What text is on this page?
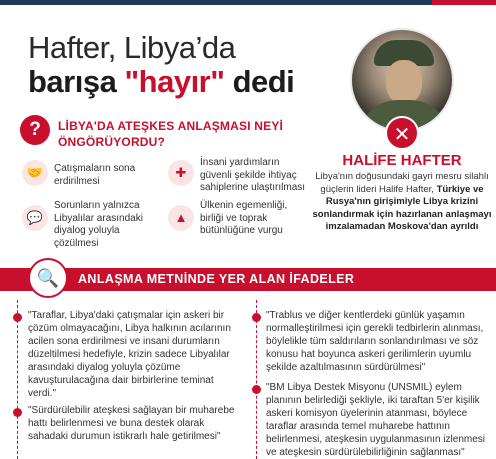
Hafter, Libya’da
barışa "hayır" dedi
?	LİBYA'DA ATEŞKES ANLAŞMASI NEYİ ÖNGÖRÜYORDU?
🤝	Çatışmaların sona erdirilmesi
✚
İnsani yardımların güvenli şekilde ihtiyaç sahiplerine ulaştırılması
💬
Sorunların yalnızca Libyalılar arasındaki diyalog yoluyla çözülmesi
▲
Ülkenin egemenliği, birliği ve toprak bütünlüğüne vurgu
✕
HALİFE HAFTER
Libya'nın doğusundaki gayri mesru silahlı güçlerin lideri Halife Hafter, Türkiye ve Rusya'nın girişimiyle Libya krizini sonlandırmak için hazırlanan anlaşmayı imzalamadan Moskova'dan ayrıldı
🔍	ANLAŞMA METNİNDE YER ALAN İFADELER
"Taraflar, Libya'daki çatışmalar için askeri bir çözüm olmayacağını, Libya halkının acılarının acilen sona erdirilmesi ve insani durumların düzeltilmesi hedefiyle, krizin sadece Libyalılar arasındaki diyalog yoluyla çözüme kavuşturulacağına dair birbirlerine teminat verdi."
"Sürdürülebilir ateşkesi sağlayan bir muharebe hattı belirlenmesi ve buna destek olarak sahadaki durumun istikrarlı hale getirilmesi"
"Trablus ve diğer kentlerdeki günlük yaşamın normalleştirilmesi için gerekli tedbirlerin alınması, böylelikle tüm saldırıların sonlandırılması ve söz konusu hat boyunca askeri gerilimlerin uyumlu şekilde azaltılmasının sürdürülmesi"
"BM Libya Destek Misyonu (UNSMIL) eylem planının belirlediği şekliyle, iki taraftan 5'er kişilik askeri komisyon üyelerinin atanması, böylece taraflar arasında temel muharebe hattının belirlenmesi, ateşkesin uygulanmasının izlenmesi ve ateşkesin sürdürülebilirliğinin sağlanması"
